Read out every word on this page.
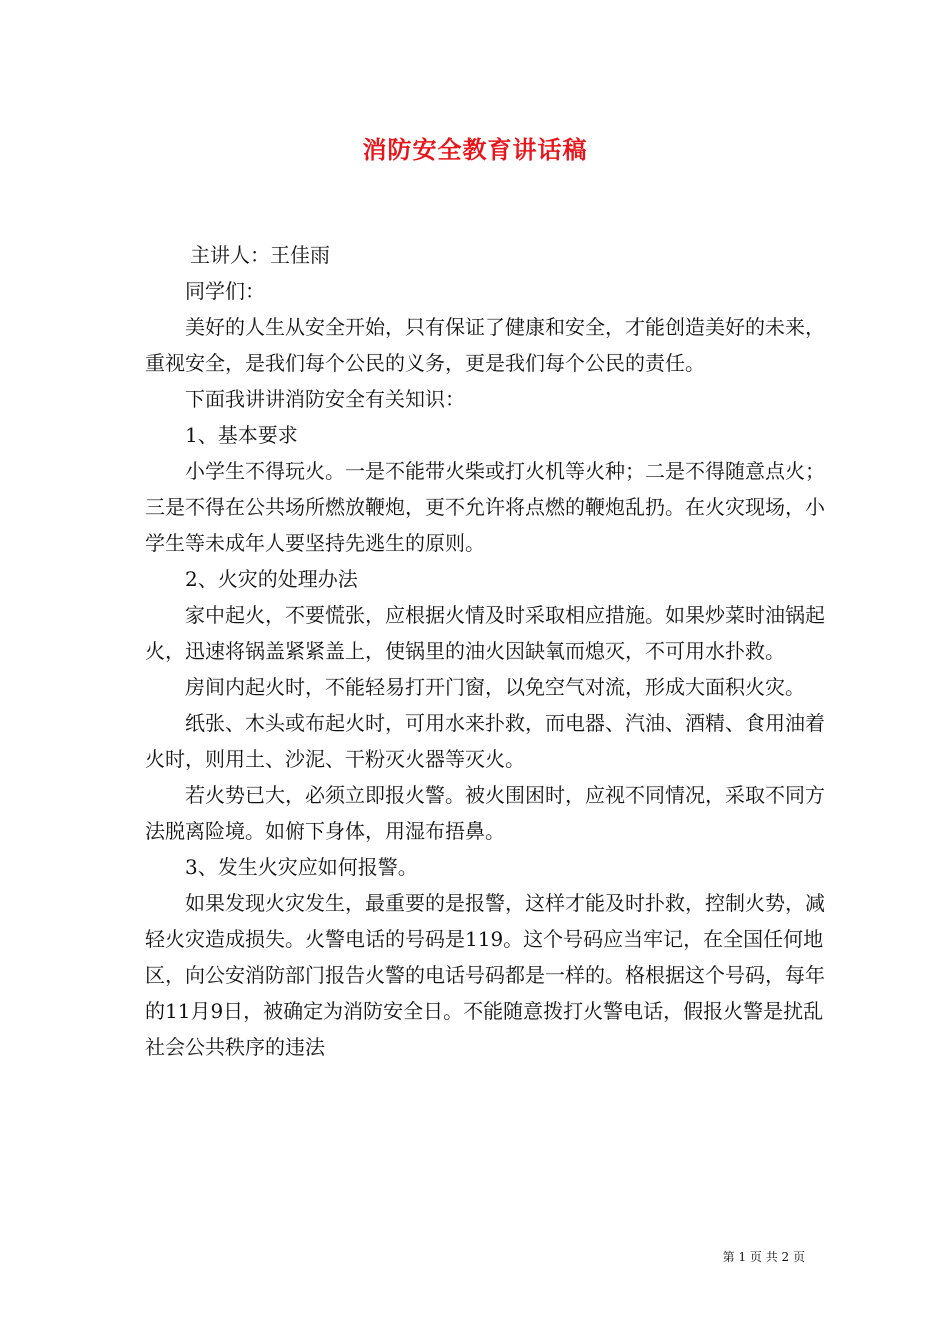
消防安全教育讲话稿

主讲人：王佳雨

同学们：

美好的人生从安全开始，只有保证了健康和安全，才能创造美好的未来，重视安全，是我们每个公民的义务，更是我们每个公民的责任。

下面我讲讲消防安全有关知识：

1、基本要求

小学生不得玩火。一是不能带火柴或打火机等火种；二是不得随意点火；三是不得在公共场所燃放鞭炮，更不允许将点燃的鞭炮乱扔。在火灾现场，小学生等未成年人要坚持先逃生的原则。

2、火灾的处理办法

家中起火，不要慌张，应根据火情及时采取相应措施。如果炒菜时油锅起火，迅速将锅盖紧紧盖上，使锅里的油火因缺氧而熄灭，不可用水扑救。

房间内起火时，不能轻易打开门窗，以免空气对流，形成大面积火灾。

纸张、木头或布起火时，可用水来扑救，而电器、汽油、酒精、食用油着火时，则用土、沙泥、干粉灭火器等灭火。

若火势已大，必须立即报火警。被火围困时，应视不同情况，采取不同方法脱离险境。如俯下身体，用湿布捂鼻。

3、发生火灾应如何报警。

如果发现火灾发生，最重要的是报警，这样才能及时扑救，控制火势，减轻火灾造成损失。火警电话的号码是119。这个号码应当牢记，在全国任何地区，向公安消防部门报告火警的电话号码都是一样的。格根据这个号码，每年的11月9日，被确定为消防安全日。不能随意拨打火警电话，假报火警是扰乱社会公共秩序的违法

第 1 页 共 2 页
